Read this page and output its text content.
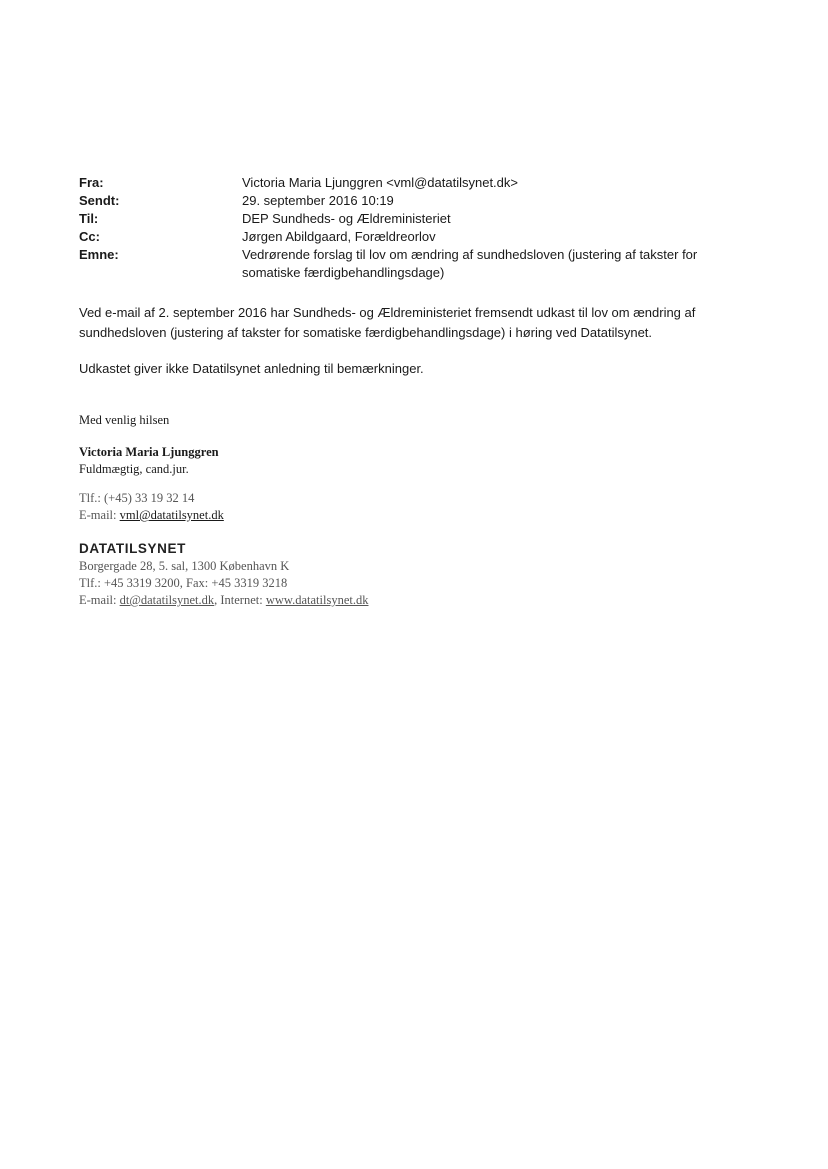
Fra:	Victoria Maria Ljunggren <vml@datatilsynet.dk>
Sendt:	29. september 2016 10:19
Til:	DEP Sundheds- og Ældreministeriet
Cc:	Jørgen Abildgaard, Forældreorlov
Emne:	Vedrørende forslag til lov om ændring af sundhedsloven (justering af takster for somatiske færdigbehandlingsdage)
Ved e-mail af 2. september 2016 har Sundheds- og Ældreministeriet fremsendt udkast til lov om ændring af sundhedsloven (justering af takster for somatiske færdigbehandlingsdage) i høring ved Datatilsynet.
Udkastet giver ikke Datatilsynet anledning til bemærkninger.
Med venlig hilsen
Victoria Maria Ljunggren
Fuldmægtig, cand.jur.
Tlf.: (+45) 33 19 32 14
E-mail: vml@datatilsynet.dk
DATATILSYNET
Borgergade 28, 5. sal, 1300 København K
Tlf.: +45 3319 3200, Fax: +45 3319 3218
E-mail: dt@datatilsynet.dk, Internet: www.datatilsynet.dk
